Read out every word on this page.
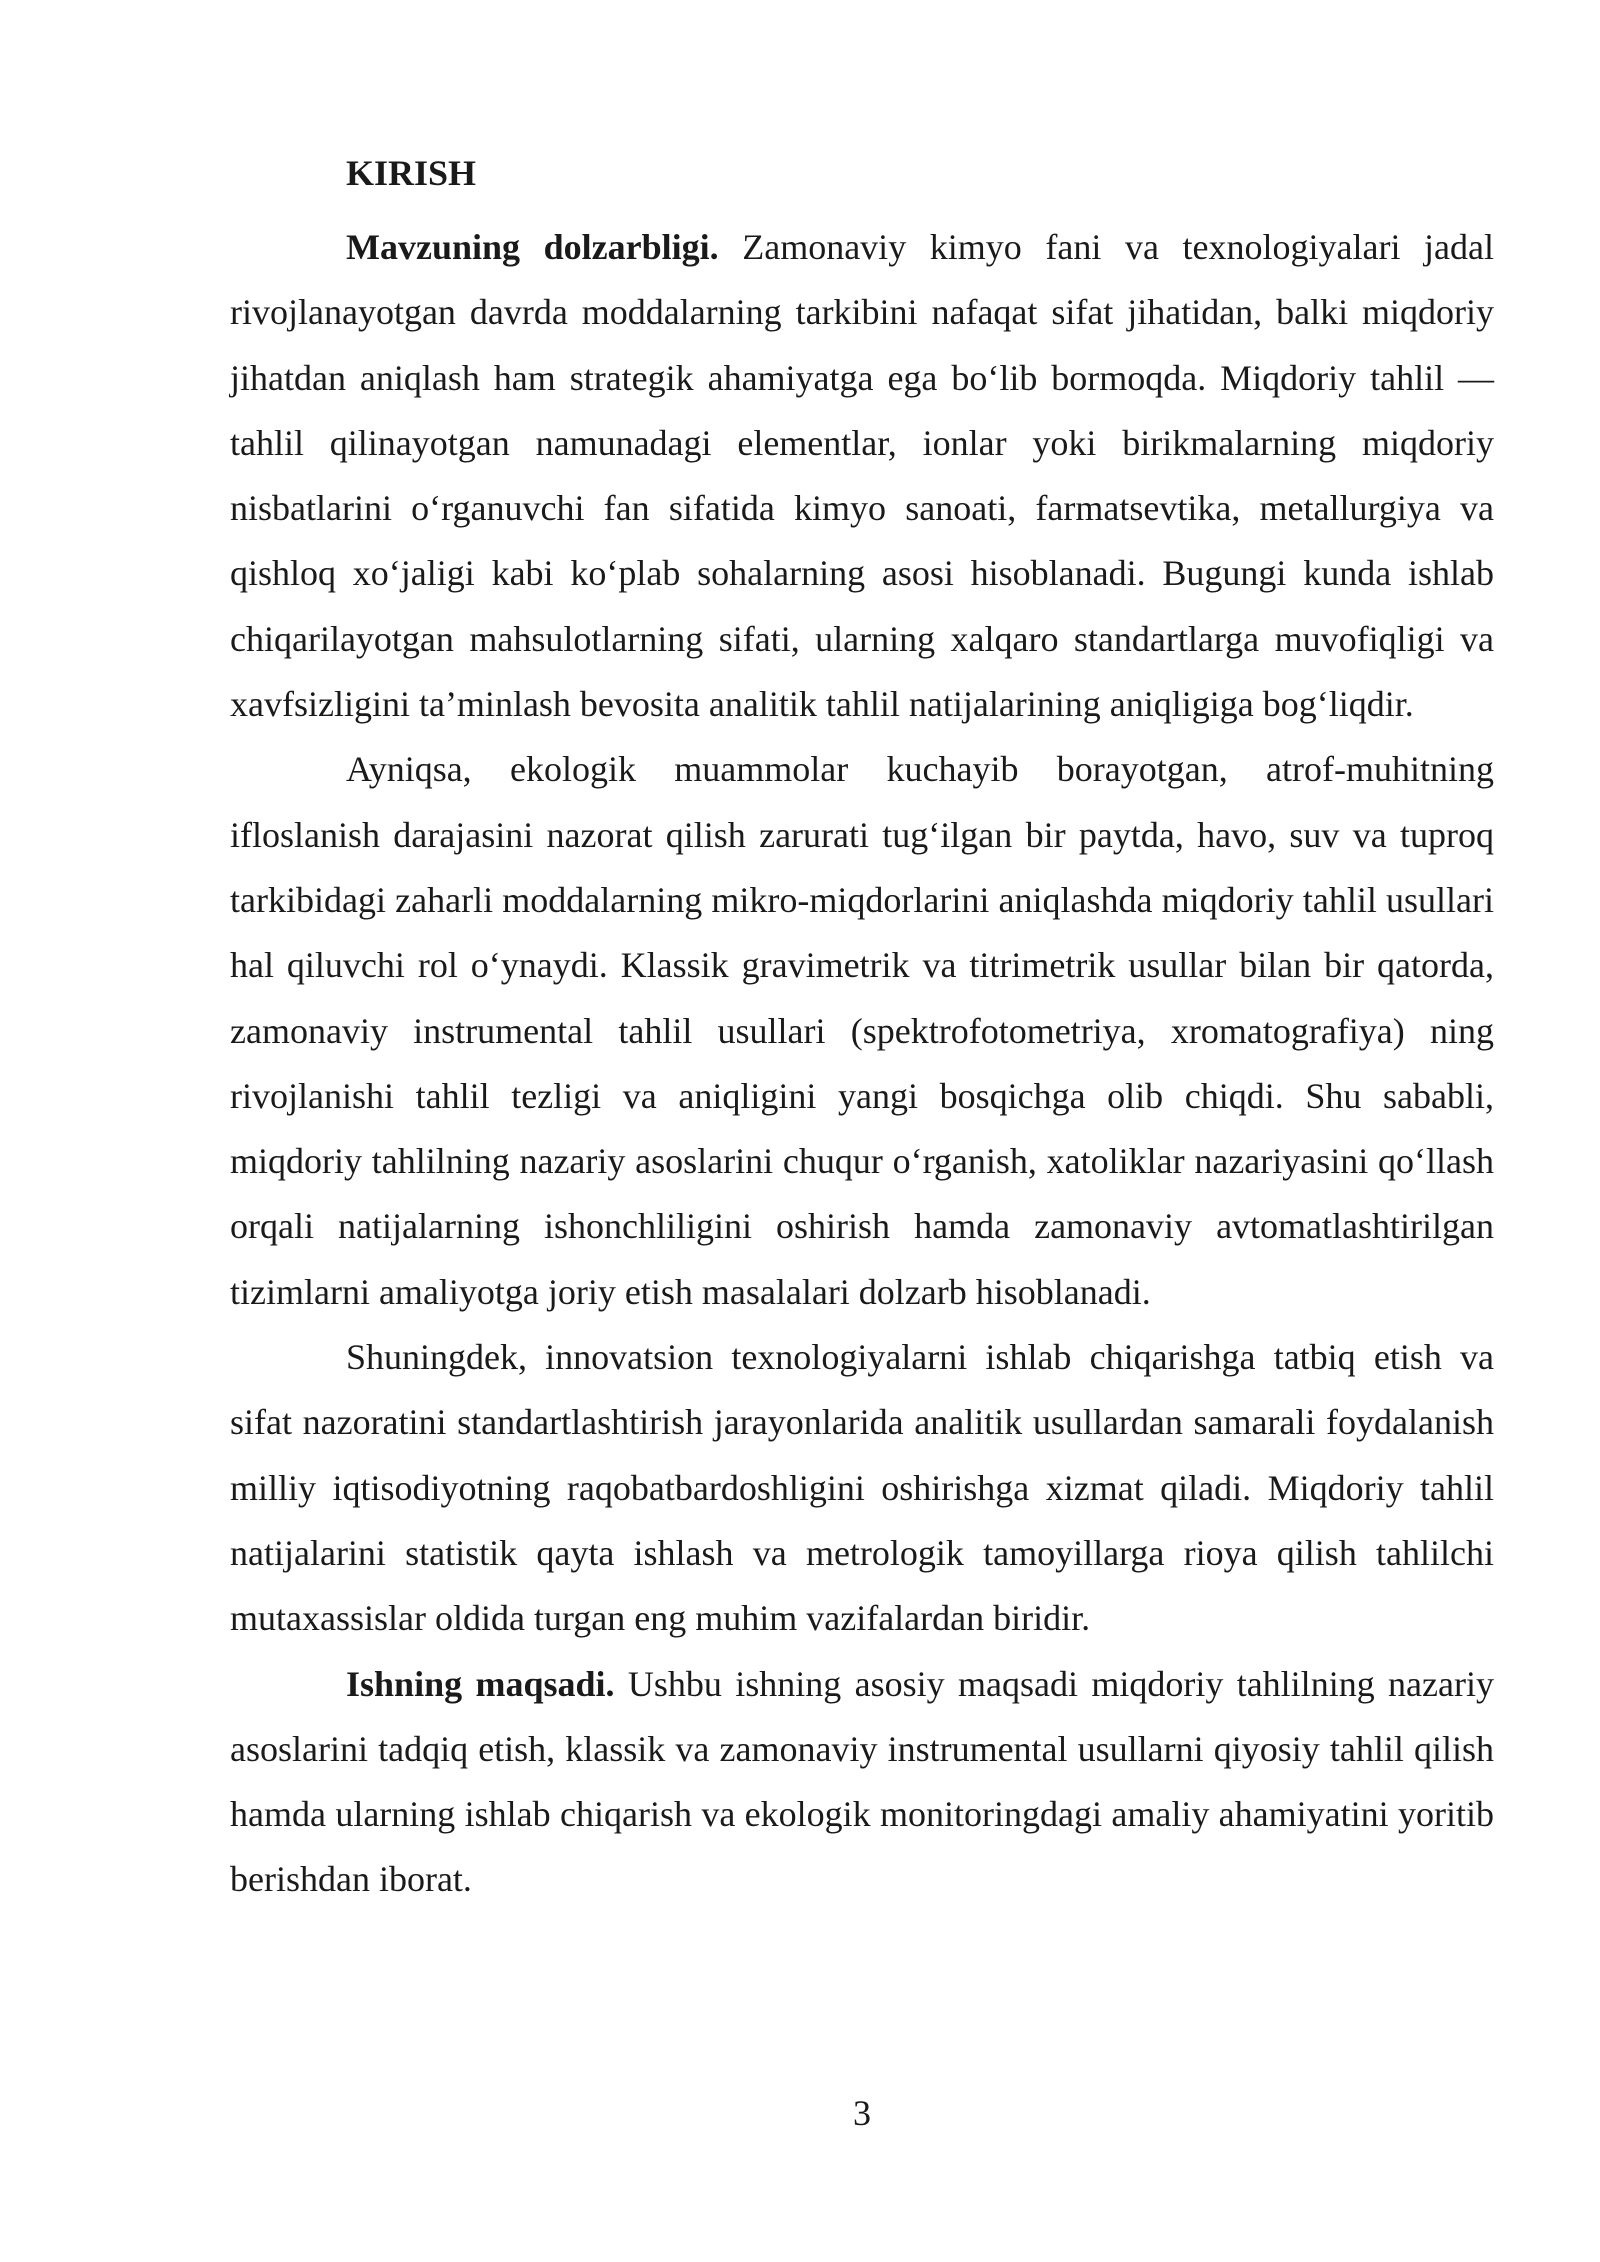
KIRISH

Mavzuning dolzarbligi. Zamonaviy kimyo fani va texnologiyalari jadal rivojlanayotgan davrda moddalarning tarkibini nafaqat sifat jihatidan, balki miqdoriy jihatdan aniqlash ham strategik ahamiyatga ega bo‘lib bormoqda. Miqdoriy tahlil — tahlil qilinayotgan namunadagi elementlar, ionlar yoki birikmalarning miqdoriy nisbatlarini o‘rganuvchi fan sifatida kimyo sanoati, farmatsevtika, metallurgiya va qishloq xo‘jaligi kabi ko‘plab sohalarning asosi hisoblanadi. Bugungi kunda ishlab chiqarilayotgan mahsulotlarning sifati, ularning xalqaro standartlarga muvofiqligi va xavfsizligini ta’minlash bevosita analitik tahlil natijalarining aniqligiga bog‘liqdir.

Ayniqsa, ekologik muammolar kuchayib borayotgan, atrof-muhitning ifloslanish darajasini nazorat qilish zarurati tug‘ilgan bir paytda, havo, suv va tuproq tarkibidagi zaharli moddalarning mikro-miqdorlarini aniqlashda miqdoriy tahlil usullari hal qiluvchi rol o‘ynaydi. Klassik gravimetrik va titrimetrik usullar bilan bir qatorda, zamonaviy instrumental tahlil usullari (spektrofotometriya, xromatografiya) ning rivojlanishi tahlil tezligi va aniqligini yangi bosqichga olib chiqdi. Shu sababli, miqdoriy tahlilning nazariy asoslarini chuqur o‘rganish, xatoliklar nazariyasini qo‘llash orqali natijalarning ishonchliligini oshirish hamda zamonaviy avtomatlashtirilgan tizimlarni amaliyotga joriy etish masalalari dolzarb hisoblanadi.

Shuningdek, innovatsion texnologiyalarni ishlab chiqarishga tatbiq etish va sifat nazoratini standartlashtirish jarayonlarida analitik usullardan samarali foydalanish milliy iqtisodiyotning raqobatbardoshligini oshirishga xizmat qiladi. Miqdoriy tahlil natijalarini statistik qayta ishlash va metrologik tamoyillarga rioya qilish tahlilchi mutaxassislar oldida turgan eng muhim vazifalardan biridir.

Ishning maqsadi. Ushbu ishning asosiy maqsadi miqdoriy tahlilning nazariy asoslarini tadqiq etish, klassik va zamonaviy instrumental usullarni qiyosiy tahlil qilish hamda ularning ishlab chiqarish va ekologik monitoringdagi amaliy ahamiyatini yoritib berishdan iborat.

3
